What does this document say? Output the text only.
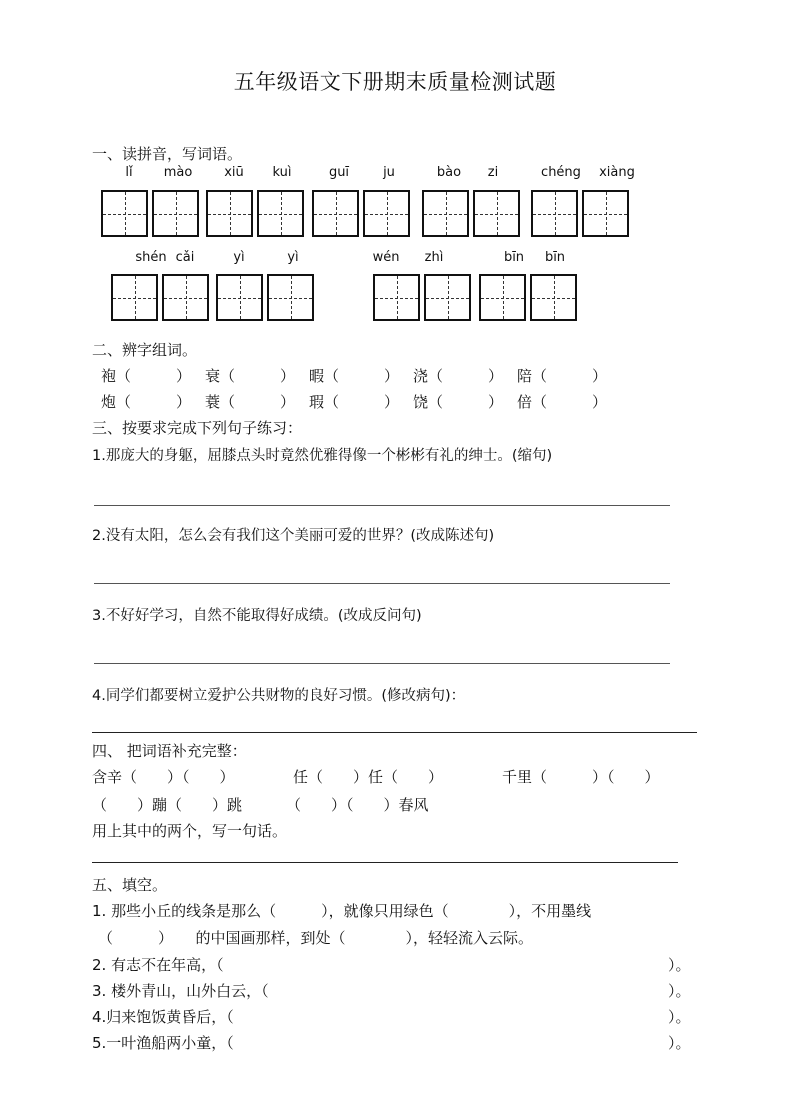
五年级语文下册期末质量检测试题
一、读拼音，写词语。
lǐ	mào	xiū	kuì	guī	ju	bào	zi	chéng	xiàng
shén cǎi	yì	yì	wén	zhì	bīn	bīn
二、辨字组词。
袍（　　　） 衰（　　　） 暇（　　　） 浇（　　　） 陪（　　　）
炮（　　　） 蓑（　　　） 瑕（　　　） 饶（　　　） 倍（　　　）
三、按要求完成下列句子练习：
1.那庞大的身躯，屈膝点头时竟然优雅得像一个彬彬有礼的绅士。(缩句)
2.没有太阳，怎么会有我们这个美丽可爱的世界？(改成陈述句)
3.不好好学习，自然不能取得好成绩。(改成反问句)
4.同学们都要树立爱护公共财物的良好习惯。(修改病句)：
四、 把词语补充完整：
含辛（　　）（　　）	任（　　）任（　　）	千里（　　　）（　　）
（　　）蹦（　　）跳	（　　）（　　）春风
用上其中的两个，写一句话。
五、填空。
1. 那些小丘的线条是那么（　　　），就像只用绿色（　　　　），不用墨线
（　　　）　　的中国画那样，到处（　　　　），轻轻流入云际。
2. 有志不在年高，（	）。
3. 楼外青山，山外白云，（	）。
4.归来饱饭黄昏后，（	）。
5.一叶渔船两小童，（	）。
